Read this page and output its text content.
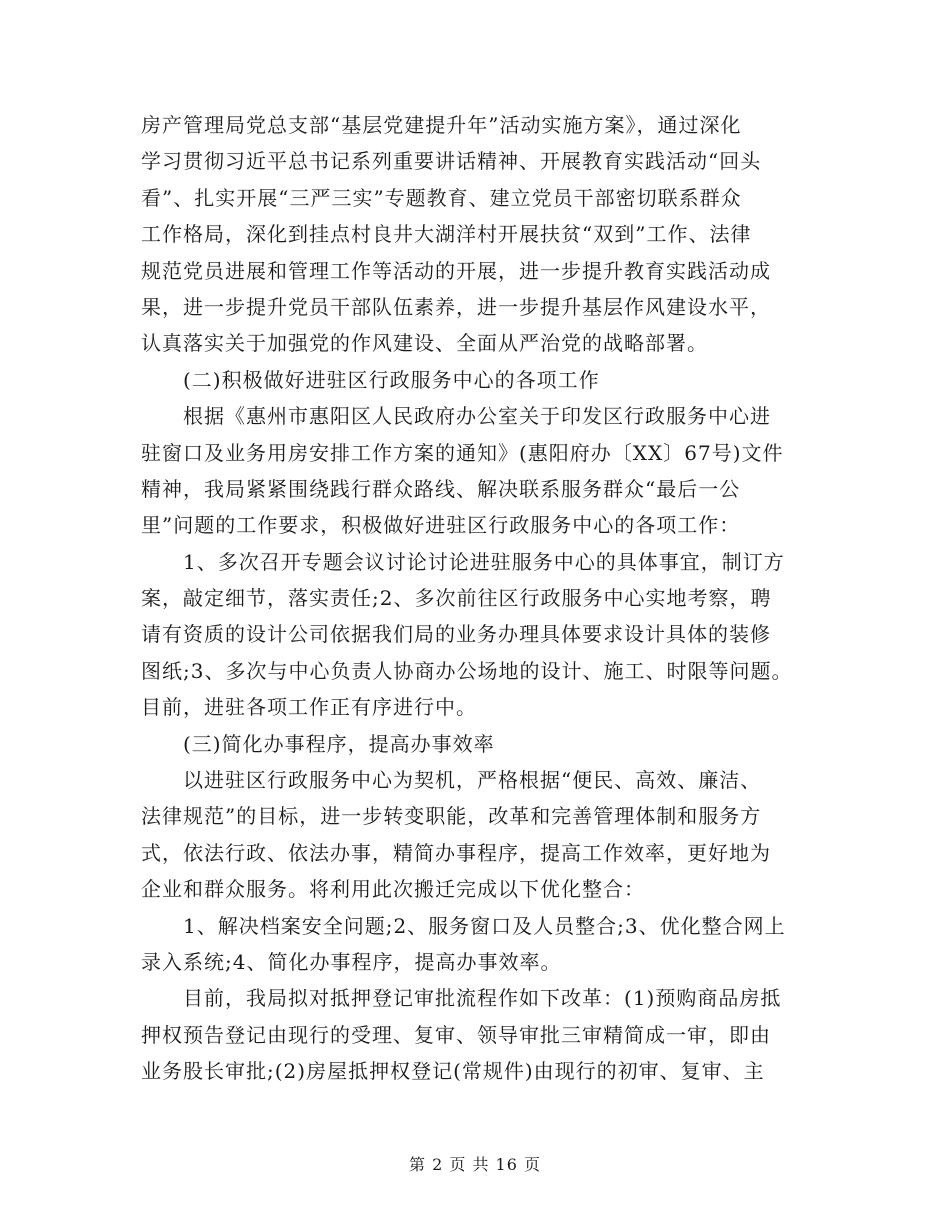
房产管理局党总支部“基层党建提升年”活动实施方案》，通过深化
学习贯彻习近平总书记系列重要讲话精神、开展教育实践活动“回头
看”、扎实开展“三严三实”专题教育、建立党员干部密切联系群众
工作格局，深化到挂点村良井大湖洋村开展扶贫“双到”工作、法律
规范党员进展和管理工作等活动的开展，进一步提升教育实践活动成
果，进一步提升党员干部队伍素养，进一步提升基层作风建设水平，
认真落实关于加强党的作风建设、全面从严治党的战略部署。
　　(二)积极做好进驻区行政服务中心的各项工作
　　根据《惠州市惠阳区人民政府办公室关于印发区行政服务中心进
驻窗口及业务用房安排工作方案的通知》(惠阳府办〔XX〕67号)文件
精神，我局紧紧围绕践行群众路线、解决联系服务群众“最后一公
里”问题的工作要求，积极做好进驻区行政服务中心的各项工作：
　　1、多次召开专题会议讨论讨论进驻服务中心的具体事宜，制订方
案，敲定细节，落实责任;2、多次前往区行政服务中心实地考察，聘
请有资质的设计公司依据我们局的业务办理具体要求设计具体的装修
图纸;3、多次与中心负责人协商办公场地的设计、施工、时限等问题。
目前，进驻各项工作正有序进行中。
　　(三)简化办事程序，提高办事效率
　　以进驻区行政服务中心为契机，严格根据“便民、高效、廉洁、
法律规范”的目标，进一步转变职能，改革和完善管理体制和服务方
式，依法行政、依法办事，精简办事程序，提高工作效率，更好地为
企业和群众服务。将利用此次搬迁完成以下优化整合：
　　1、解决档案安全问题;2、服务窗口及人员整合;3、优化整合网上
录入系统;4、简化办事程序，提高办事效率。
　　目前，我局拟对抵押登记审批流程作如下改革：(1)预购商品房抵
押权预告登记由现行的受理、复审、领导审批三审精简成一审，即由
业务股长审批;(2)房屋抵押权登记(常规件)由现行的初审、复审、主
第 2 页 共 16 页
